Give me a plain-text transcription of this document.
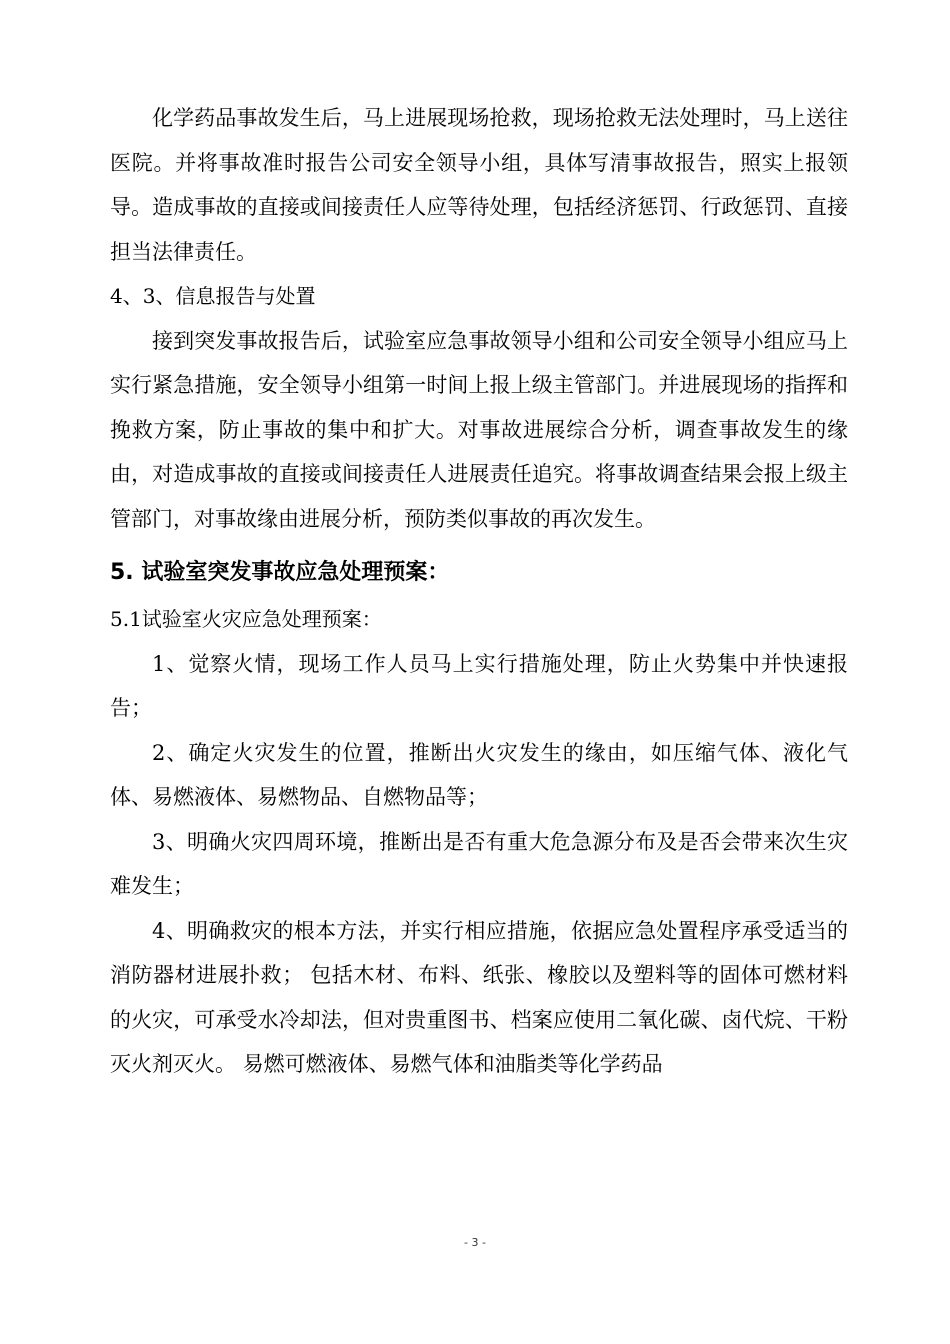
化学药品事故发生后，马上进展现场抢救，现场抢救无法处理时，马上送往医院。并将事故准时报告公司安全领导小组，具体写清事故报告，照实上报领导。造成事故的直接或间接责任人应等待处理，包括经济惩罚、行政惩罚、直接担当法律责任。

4、3、信息报告与处置

接到突发事故报告后，试验室应急事故领导小组和公司安全领导小组应马上实行紧急措施，安全领导小组第一时间上报上级主管部门。并进展现场的指挥和挽救方案，防止事故的集中和扩大。对事故进展综合分析，调查事故发生的缘由，对造成事故的直接或间接责任人进展责任追究。将事故调查结果会报上级主管部门，对事故缘由进展分析，预防类似事故的再次发生。

5. 试验室突发事故应急处理预案：

5.1试验室火灾应急处理预案：

1、觉察火情，现场工作人员马上实行措施处理，防止火势集中并快速报告；

2、确定火灾发生的位置，推断出火灾发生的缘由，如压缩气体、液化气体、易燃液体、易燃物品、自燃物品等；

3、明确火灾四周环境，推断出是否有重大危急源分布及是否会带来次生灾难发生；

4、明确救灾的根本方法，并实行相应措施，依据应急处置程序承受适当的消防器材进展扑救； 包括木材、布料、纸张、橡胶以及塑料等的固体可燃材料的火灾，可承受水冷却法，但对贵重图书、档案应使用二氧化碳、卤代烷、干粉灭火剂灭火。 易燃可燃液体、易燃气体和油脂类等化学药品

- 3 -
